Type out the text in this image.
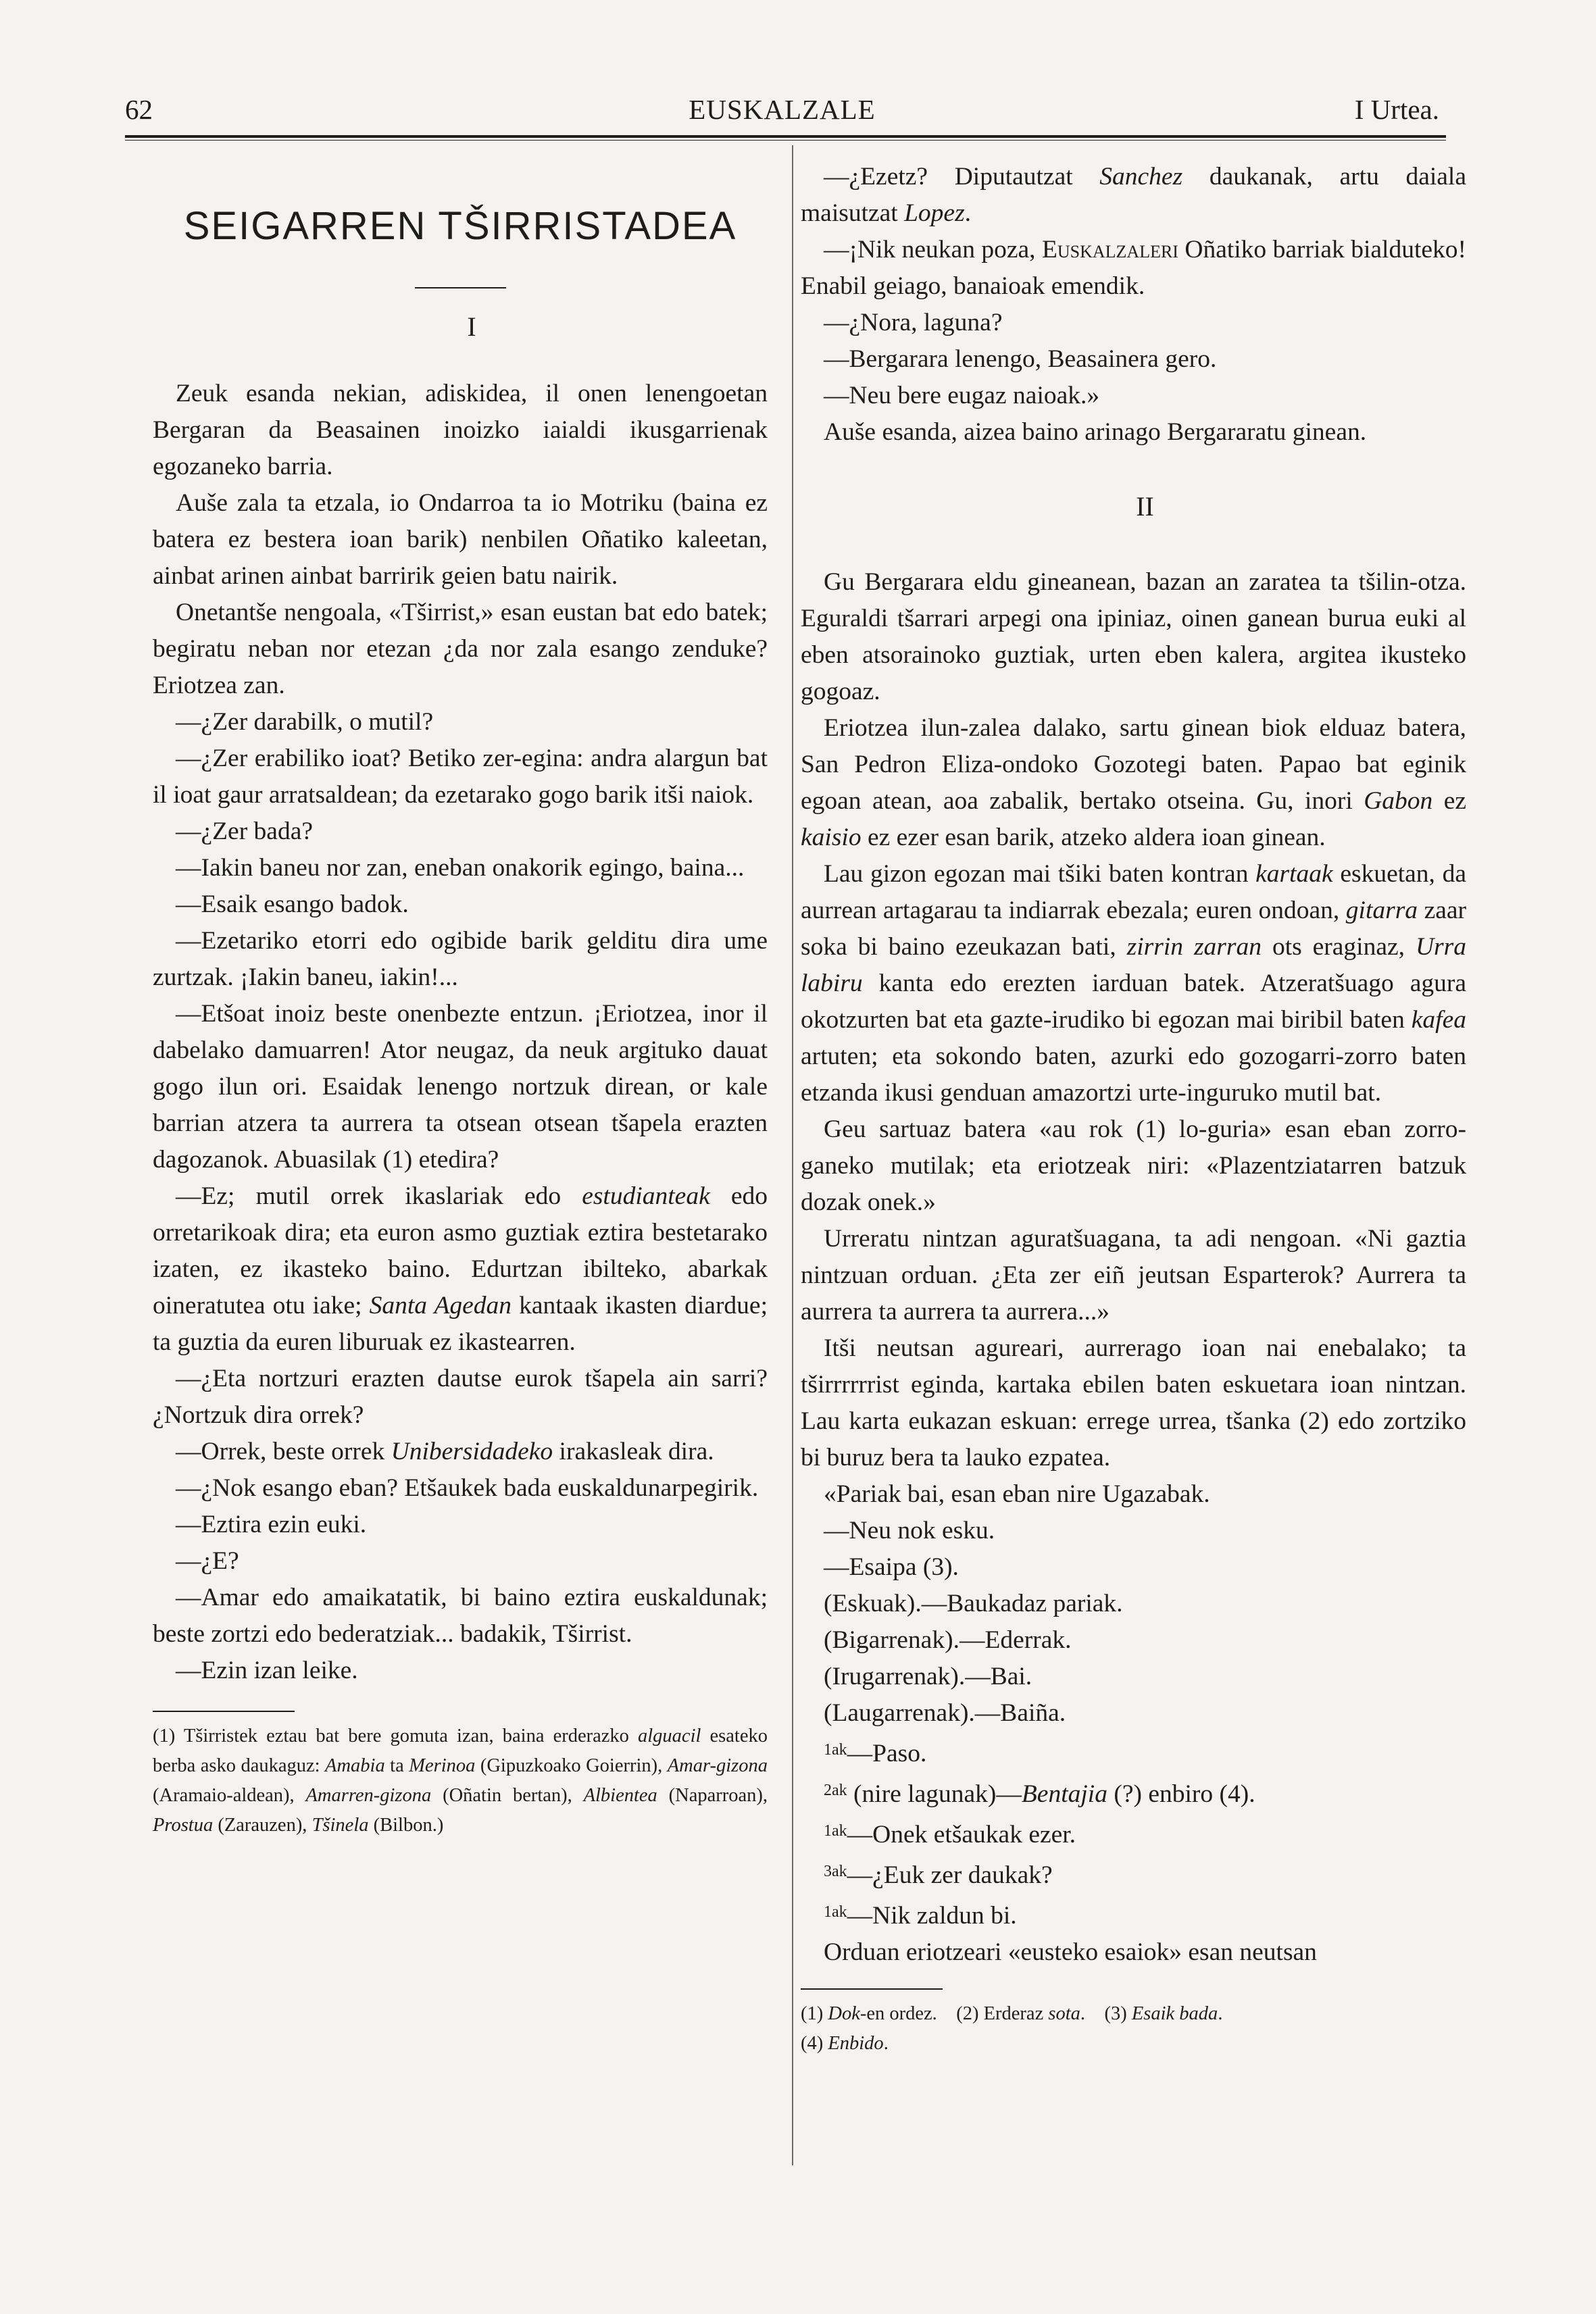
62	EUSKALZALE	I Urtea.
SEIGARREN TŠIRRISTADEA

I

Zeuk esanda nekian, adiskidea, il onen lenengoetan Bergaran da Beasainen inoizko iaialdi ikusgarrienak egozaneko barria.

Auše zala ta etzala, io Ondarroa ta io Motriku (baina ez batera ez bestera ioan barik) nenbilen Oñatiko kaleetan, ainbat arinen ainbat barririk geien batu nairik.

Onetantše nengoala, «Tširrist,» esan eustan bat edo batek; begiratu neban nor etezan ¿da nor zala esango zenduke? Eriotzea zan.

—¿Zer darabilk, o mutil?

—¿Zer erabiliko ioat? Betiko zer-egina: andra alargun bat il ioat gaur arratsaldean; da ezetarako gogo barik itši naiok.

—¿Zer bada?

—Iakin baneu nor zan, eneban onakorik egingo, baina...

—Esaik esango badok.

—Ezetariko etorri edo ogibide barik gelditu dira ume zurtzak. ¡Iakin baneu, iakin!...

—Etšoat inoiz beste onenbezte entzun. ¡Eriotzea, inor il dabelako damuarren! Ator neugaz, da neuk argituko dauat gogo ilun ori. Esaidak lenengo nortzuk direan, or kale barrian atzera ta aurrera ta otsean otsean tšapela erazten dagozanok. Abuasilak (1) etedira?

—Ez; mutil orrek ikaslariak edo estudianteak edo orretarikoak dira; eta euron asmo guztiak eztira bestetarako izaten, ez ikasteko baino. Edurtzan ibilteko, abarkak oineratutea otu iake; Santa Agedan kantaak ikasten diardue; ta guztia da euren liburuak ez ikastearren.

—¿Eta nortzuri erazten dautse eurok tšapela ain sarri? ¿Nortzuk dira orrek?

—Orrek, beste orrek Unibersidadeko irakasleak dira.

—¿Nok esango eban? Etšaukek bada euskaldunarpegirik.

—Eztira ezin euki.

—¿E?

—Amar edo amaikatatik, bi baino eztira euskaldunak; beste zortzi edo bederatziak... badakik, Tširrist.

—Ezin izan leike.

(1) Tširristek eztau bat bere gomuta izan, baina erderazko alguacil esateko berba asko daukaguz: Amabia ta Merinoa (Gipuzkoako Goierrin), Amar-gizona (Aramaio-aldean), Amarren-gizona (Oñatin bertan), Albientea (Naparroan), Prostua (Zarauzen), Tšinela (Bilbon.)

—¿Ezetz? Diputautzat Sanchez daukanak, artu daiala maisutzat Lopez.

—¡Nik neukan poza, Euskalzaleri Oñatiko barriak bialduteko! Enabil geiago, banaioak emendik.

—¿Nora, laguna?

—Bergarara lenengo, Beasainera gero.

—Neu bere eugaz naioak.»

Auše esanda, aizea baino arinago Bergararatu ginean.

II

Gu Bergarara eldu gineanean, bazan an zaratea ta tšilin-otza. Eguraldi tšarrari arpegi ona ipiniaz, oinen ganean burua euki al eben atsorainoko guztiak, urten eben kalera, argitea ikusteko gogoaz.

Eriotzea ilun-zalea dalako, sartu ginean biok elduaz batera, San Pedron Eliza-ondoko Gozotegi baten. Papao bat eginik egoan atean, aoa zabalik, bertako otseina. Gu, inori Gabon ez kaisio ez ezer esan barik, atzeko aldera ioan ginean.

Lau gizon egozan mai tšiki baten kontran kartaak eskuetan, da aurrean artagarau ta indiarrak ebezala; euren ondoan, gitarra zaar soka bi baino ezeukazan bati, zirrin zarran ots eraginaz, Urra labiru kanta edo erezten iarduan batek. Atzeratšuago agura okotzurten bat eta gazte-irudiko bi egozan mai biribil baten kafea artuten; eta sokondo baten, azurki edo gozogarri-zorro baten etzanda ikusi genduan amazortzi urte-inguruko mutil bat.

Geu sartuaz batera «au rok (1) lo-guria» esan eban zorro-ganeko mutilak; eta eriotzeak niri: «Plazentziatarren batzuk dozak onek.»

Urreratu nintzan aguratšuagana, ta adi nengoan. «Ni gaztia nintzuan orduan. ¿Eta zer eiñ jeutsan Esparterok? Aurrera ta aurrera ta aurrera ta aurrera...»

Itši neutsan agureari, aurrerago ioan nai enebalako; ta tširrrrrrist eginda, kartaka ebilen baten eskuetara ioan nintzan. Lau karta eukazan eskuan: errege urrea, tšanka (2) edo zortziko bi buruz bera ta lauko ezpatea.

«Pariak bai, esan eban nire Ugazabak.

—Neu nok esku.

—Esaipa (3).

(Eskuak).—Baukadaz pariak.

(Bigarrenak).—Ederrak.

(Irugarrenak).—Bai.

(Laugarrenak).—Baiña.

$^{1ak}$—Paso.

$^{2ak}$ (nire lagunak)—Bentajia (?) enbiro (4).

$^{1ak}$—Onek etšaukak ezer.

$^{3ak}$—¿Euk zer daukak?

$^{1ak}$—Nik zaldun bi.

Orduan eriotzeari «eusteko esaiok» esan neutsan

(1) Dok-en ordez. (2) Erderaz sota. (3) Esaik bada.

(4) Enbido.
